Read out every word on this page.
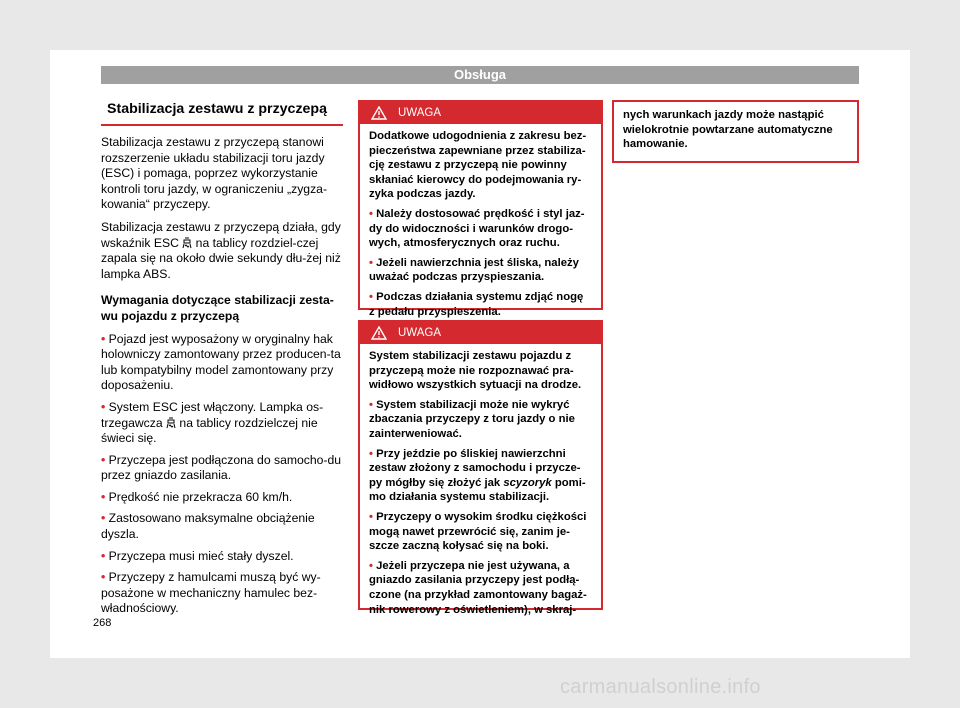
Obsługa
Stabilizacja zestawu z przyczepą

Stabilizacja zestawu z przyczepą stanowi rozszerzenie układu stabilizacji toru jazdy (ESC) i pomaga, poprzez wykorzystanie kontroli toru jazdy, w ograniczeniu „zygza-kowania“ przyczepy.

Stabilizacja zestawu z przyczepą działa, gdy wskaźnik ESC na tablicy rozdziel-czej zapala się na około dwie sekundy dłu-żej niż lampka ABS.

Wymagania dotyczące stabilizacji zesta-wu pojazdu z przyczepą

• Pojazd jest wyposażony w oryginalny hak holowniczy zamontowany przez producen-ta lub kompatybilny model zamontowany przy doposażeniu.
• System ESC jest włączony. Lampka os-trzegawcza na tablicy rozdzielczej nie świeci się.
• Przyczepa jest podłączona do samocho-du przez gniazdo zasilania.
• Prędkość nie przekracza 60 km/h.
• Zastosowano maksymalne obciążenie dyszla.
• Przyczepa musi mieć stały dyszel.
• Przyczepy z hamulcami muszą być wy-posażone w mechaniczny hamulec bez-władnościowy.
UWAGA
Dodatkowe udogodnienia z zakresu bez-pieczeństwa zapewniane przez stabiliza-cję zestawu z przyczepą nie powinny skłaniać kierowcy do podejmowania ry-zyka podczas jazdy.
• Należy dostosować prędkość i styl jaz-dy do widoczności i warunków drogo-wych, atmosferycznych oraz ruchu.
• Jeżeli nawierzchnia jest śliska, należy uważać podczas przyspieszania.
• Podczas działania systemu zdjąć nogę z pedału przyspieszenia.
UWAGA
System stabilizacji zestawu pojazdu z przyczepą może nie rozpoznawać pra-widłowo wszystkich sytuacji na drodze.
• System stabilizacji może nie wykryć zbaczania przyczepy z toru jazdy o nie zainterweniować.
• Przy jeździe po śliskiej nawierzchni zestaw złożony z samochodu i przycze-py mógłby się złożyć jak scyzoryk pomi-mo działania systemu stabilizacji.
• Przyczepy o wysokim środku ciężkości mogą nawet przewrócić się, zanim je-szcze zaczną kołysać się na boki.
• Jeżeli przyczepa nie jest używana, a gniazdo zasilania przyczepy jest podłą-czone (na przykład zamontowany bagaż-nik rowerowy z oświetleniem), w skraj-
nych warunkach jazdy może nastąpić wielokrotnie powtarzane automatyczne hamowanie.
268
carmanualsonline.info
